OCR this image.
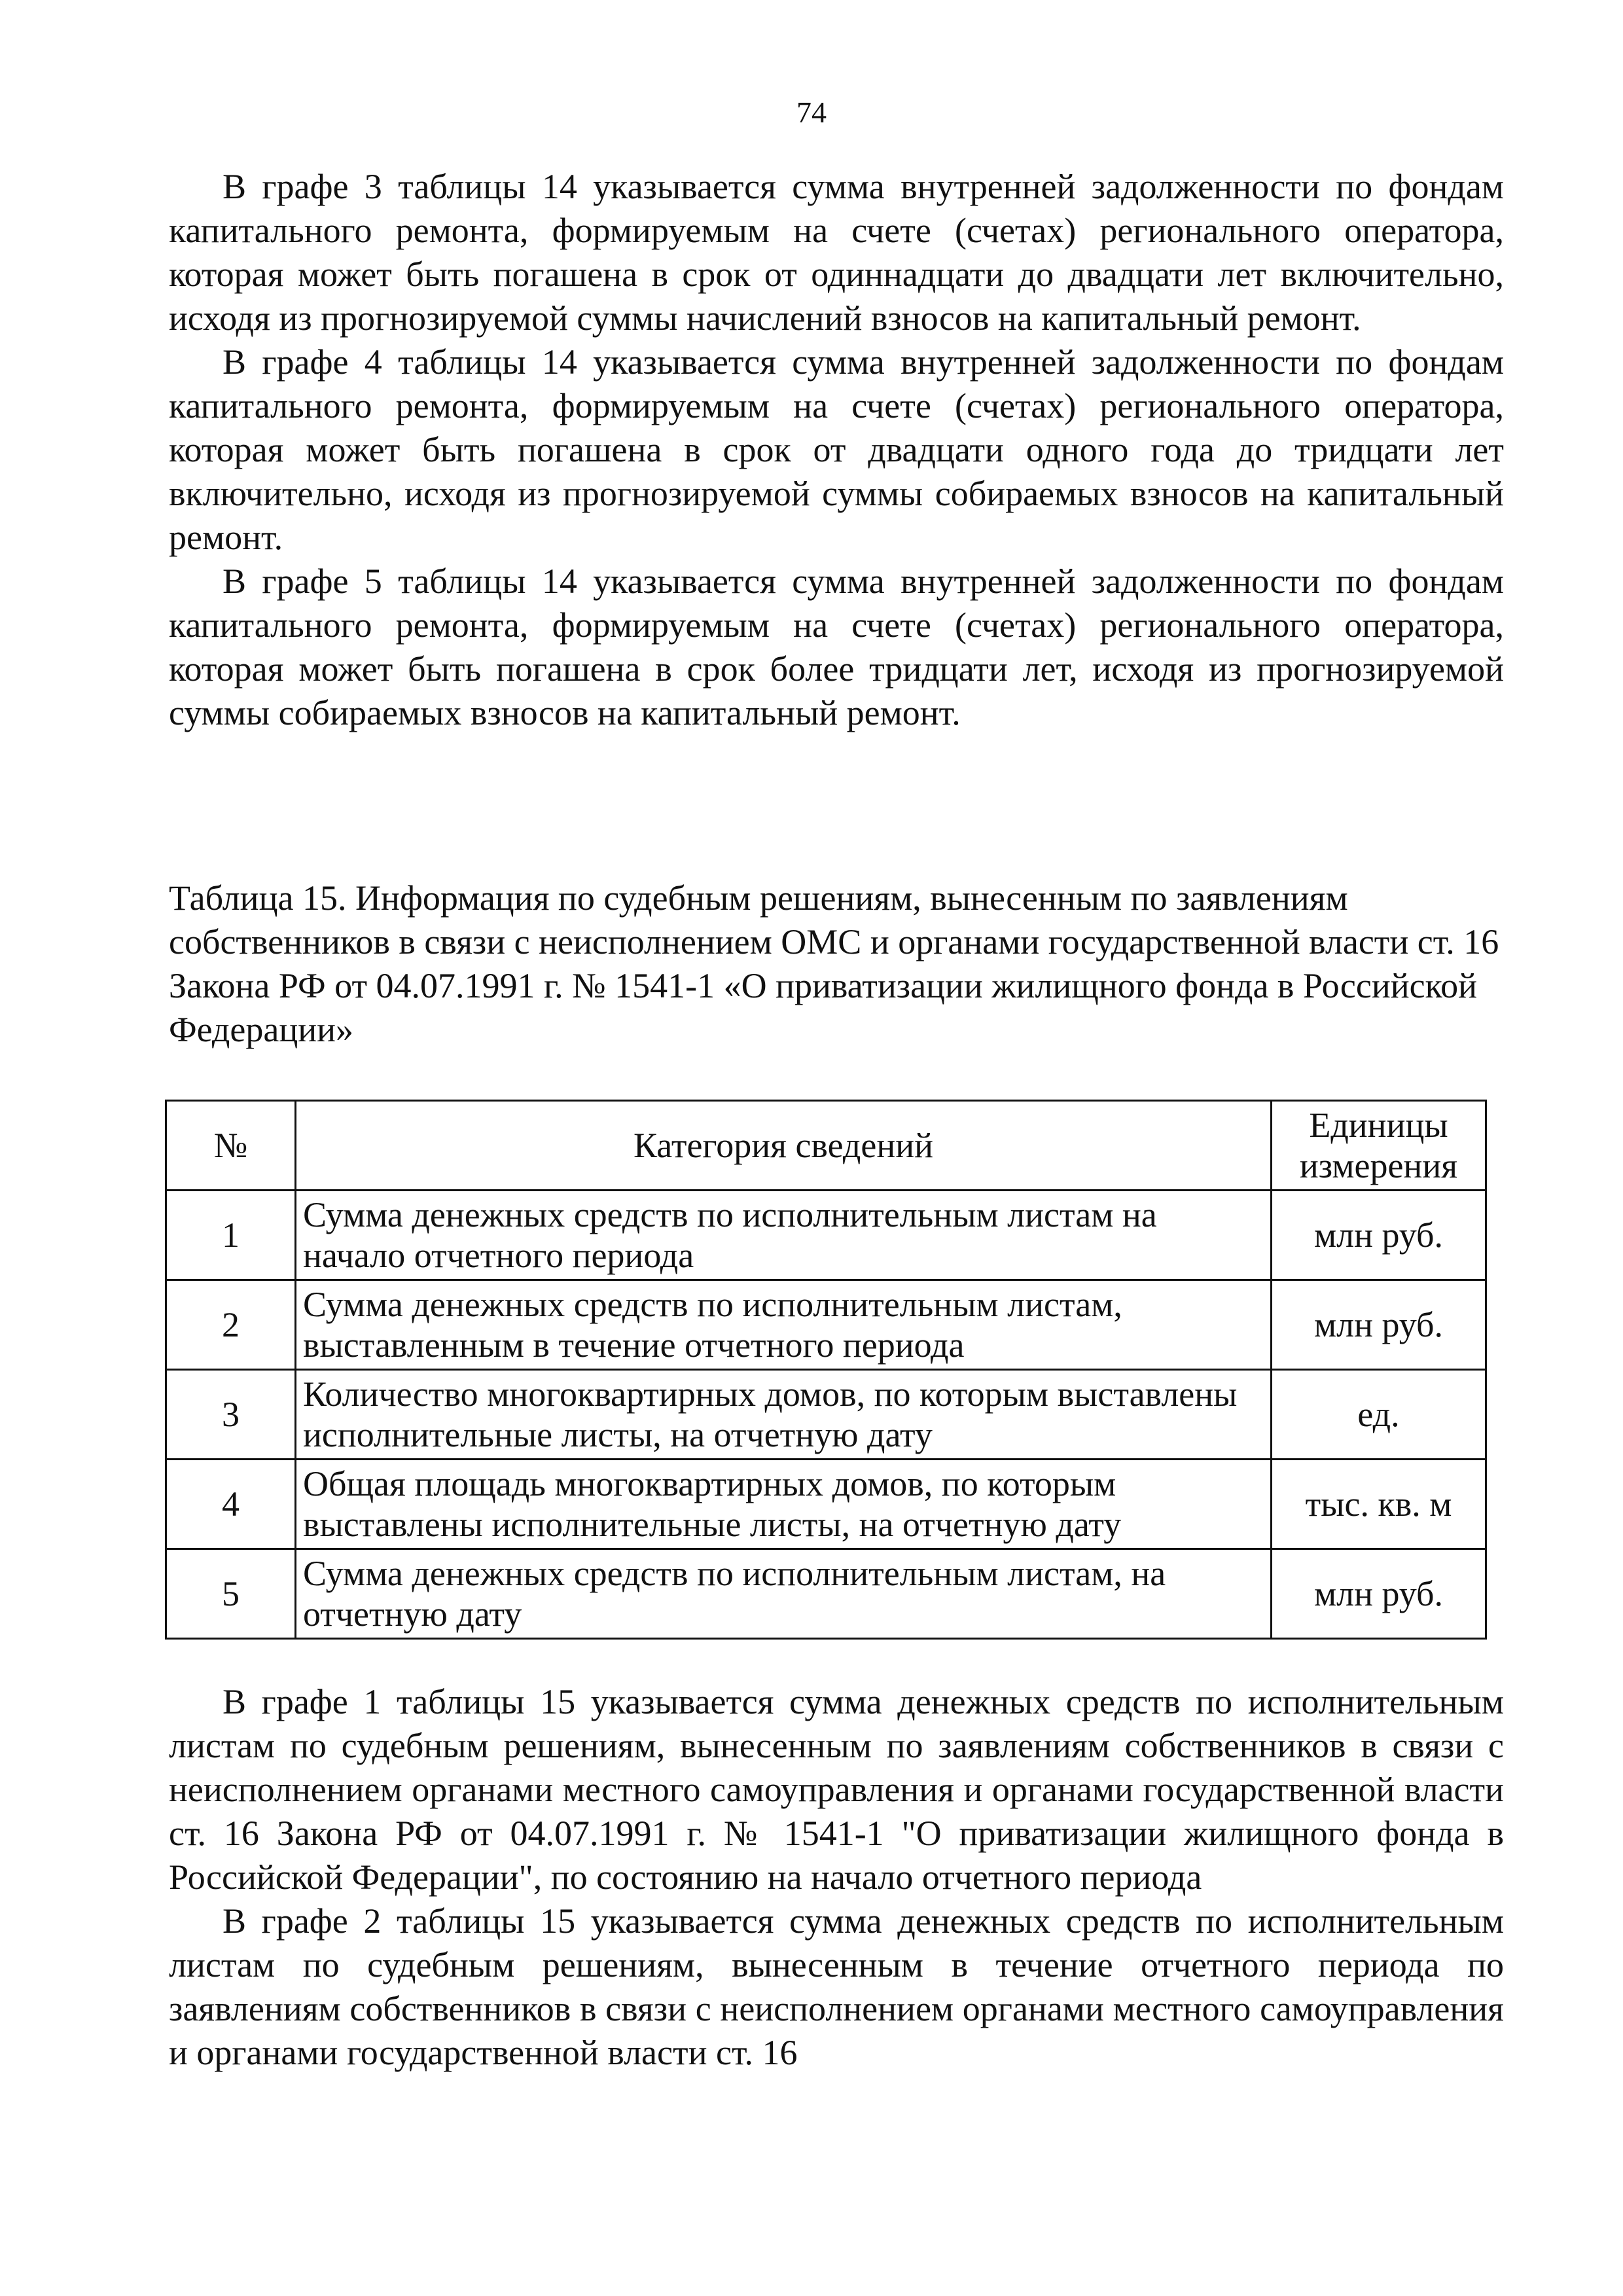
74

В графе 3 таблицы 14 указывается сумма внутренней задолженности по фондам капитального ремонта, формируемым на счете (счетах) регионального оператора, которая может быть погашена в срок от одиннадцати до двадцати лет включительно, исходя из прогнозируемой суммы начислений взносов на капитальный ремонт.

В графе 4 таблицы 14 указывается сумма внутренней задолженности по фондам капитального ремонта, формируемым на счете (счетах) регионального оператора, которая может быть погашена в срок от двадцати одного года до тридцати лет включительно, исходя из прогнозируемой суммы собираемых взносов на капитальный ремонт.

В графе 5 таблицы 14 указывается сумма внутренней задолженности по фондам капитального ремонта, формируемым на счете (счетах) регионального оператора, которая может быть погашена в срок более тридцати лет, исходя из прогнозируемой суммы собираемых взносов на капитальный ремонт.

Таблица 15. Информация по судебным решениям, вынесенным по заявлениям собственников в связи с неисполнением ОМС и органами государственной власти ст. 16 Закона РФ от 04.07.1991 г. № 1541-1 «О приватизации жилищного фонда в Российской Федерации»

№	Категория сведений	Единицы измерения
1	Сумма денежных средств по исполнительным листам на начало отчетного периода	млн руб.
2	Сумма денежных средств по исполнительным листам, выставленным в течение отчетного периода	млн руб.
3	Количество многоквартирных домов, по которым выставлены исполнительные листы, на отчетную дату	ед.
4	Общая площадь многоквартирных домов, по которым выставлены исполнительные листы, на отчетную дату	тыс. кв. м
5	Сумма денежных средств по исполнительным листам, на отчетную дату	млн руб.

В графе 1 таблицы 15 указывается сумма денежных средств по исполнительным листам по судебным решениям, вынесенным по заявлениям собственников в связи с неисполнением органами местного самоуправления и органами государственной власти ст. 16 Закона РФ от 04.07.1991 г. № 1541-1 "О приватизации жилищного фонда в Российской Федерации", по состоянию на начало отчетного периода

В графе 2 таблицы 15 указывается сумма денежных средств по исполнительным листам по судебным решениям, вынесенным в течение отчетного периода по заявлениям собственников в связи с неисполнением органами местного самоуправления и органами государственной власти ст. 16
